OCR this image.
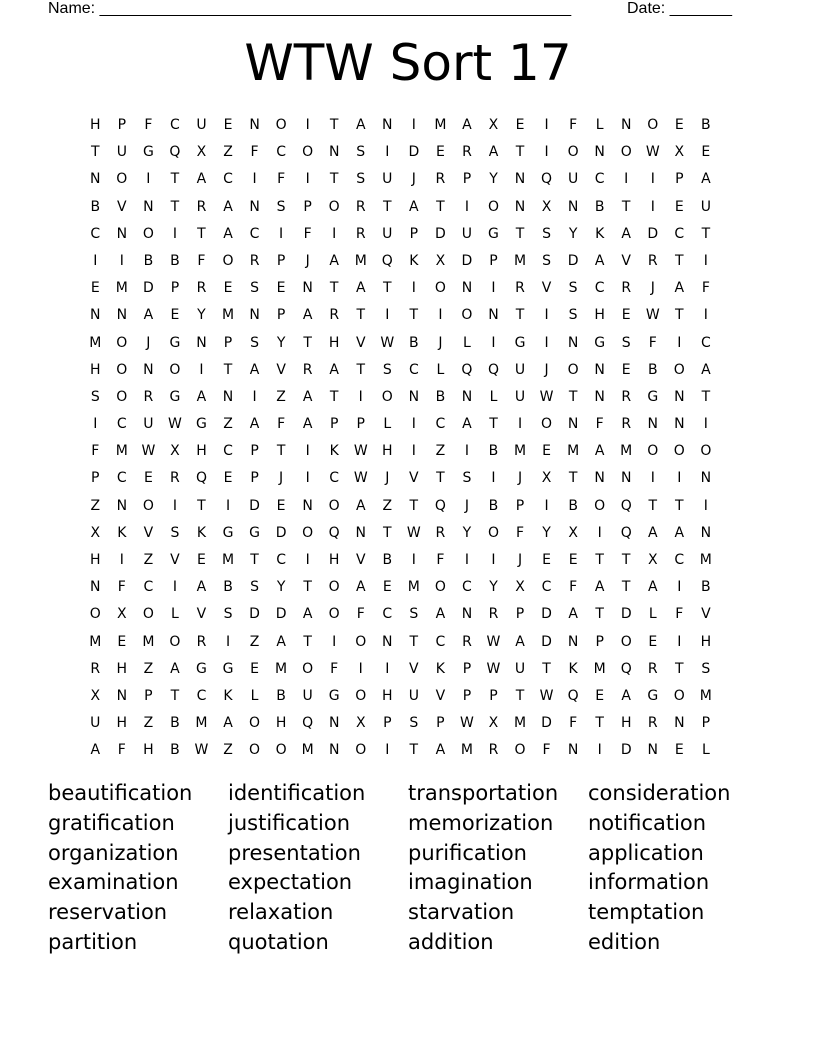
Name: _____________________________________________________	Date: _______
WTW Sort 17
H	P	F	C	U	E	N	O	I	T	A	N	I	M	A	X	E	I	F	L	N	O	E	B
T	U	G	Q	X	Z	F	C	O	N	S	I	D	E	R	A	T	I	O	N	O	W	X	E
N	O	I	T	A	C	I	F	I	T	S	U	J	R	P	Y	N	Q	U	C	I	I	P	A
B	V	N	T	R	A	N	S	P	O	R	T	A	T	I	O	N	X	N	B	T	I	E	U
C	N	O	I	T	A	C	I	F	I	R	U	P	D	U	G	T	S	Y	K	A	D	C	T
I	I	B	B	F	O	R	P	J	A	M	Q	K	X	D	P	M	S	D	A	V	R	T	I
E	M	D	P	R	E	S	E	N	T	A	T	I	O	N	I	R	V	S	C	R	J	A	F
N	N	A	E	Y	M	N	P	A	R	T	I	T	I	O	N	T	I	S	H	E	W	T	I
M	O	J	G	N	P	S	Y	T	H	V	W	B	J	L	I	G	I	N	G	S	F	I	C
H	O	N	O	I	T	A	V	R	A	T	S	C	L	Q	Q	U	J	O	N	E	B	O	A
S	O	R	G	A	N	I	Z	A	T	I	O	N	B	N	L	U	W	T	N	R	G	N	T
I	C	U	W	G	Z	A	F	A	P	P	L	I	C	A	T	I	O	N	F	R	N	N	I
F	M W	X	H	C	P	T	I	K	W	H	I	Z	I	B	M	E	M	A	M	O	O	O
P	C	E	R	Q	E	P	J	I	C	W	J	V	T	S	I	J	X	T	N	N	I	I	N
Z	N	O	I	T	I	D	E	N	O	A	Z	T	Q	J	B	P	I	B	O	Q	T	T	I
X	K	V	S	K	G	G	D	O	Q	N	T	W	R	Y	O	F	Y	X	I	Q	A	A	N
H	I	Z	V	E	M	T	C	I	H	V	B	I	F	I	I	J	E	E	T	T	X	C	M
N	F	C	I	A	B	S	Y	T	O	A	E	M	O	C	Y	X	C	F	A	T	A	I	B
O	X	O	L	V	S	D	D	A	O	F	C	S	A	N	R	P	D	A	T	D	L	F	V
M	E	M	O	R	I	Z	A	T	I	O	N	T	C	R	W	A	D	N	P	O	E	I	H
R	H	Z	A	G	G	E	M	O	F	I	I	V	K	P	W	U	T	K	M	Q	R	T	S
X	N	P	T	C	K	L	B	U	G	O	H	U	V	P	P	T	W	Q	E	A	G	O	M
U	H	Z	B	M	A	O	H	Q	N	X	P	S	P	W	X	M	D	F	T	H	R	N	P
A	F	H	B	W	Z	O	O	M	N	O	I	T	A	M	R	O	F	N	I	D	N	E	L
beautification	identification	transportation	consideration
gratification	justification	memorization	notification
organization	presentation	purification	application
examination	expectation	imagination	information
reservation	relaxation	starvation	temptation
partition	quotation	addition	edition
